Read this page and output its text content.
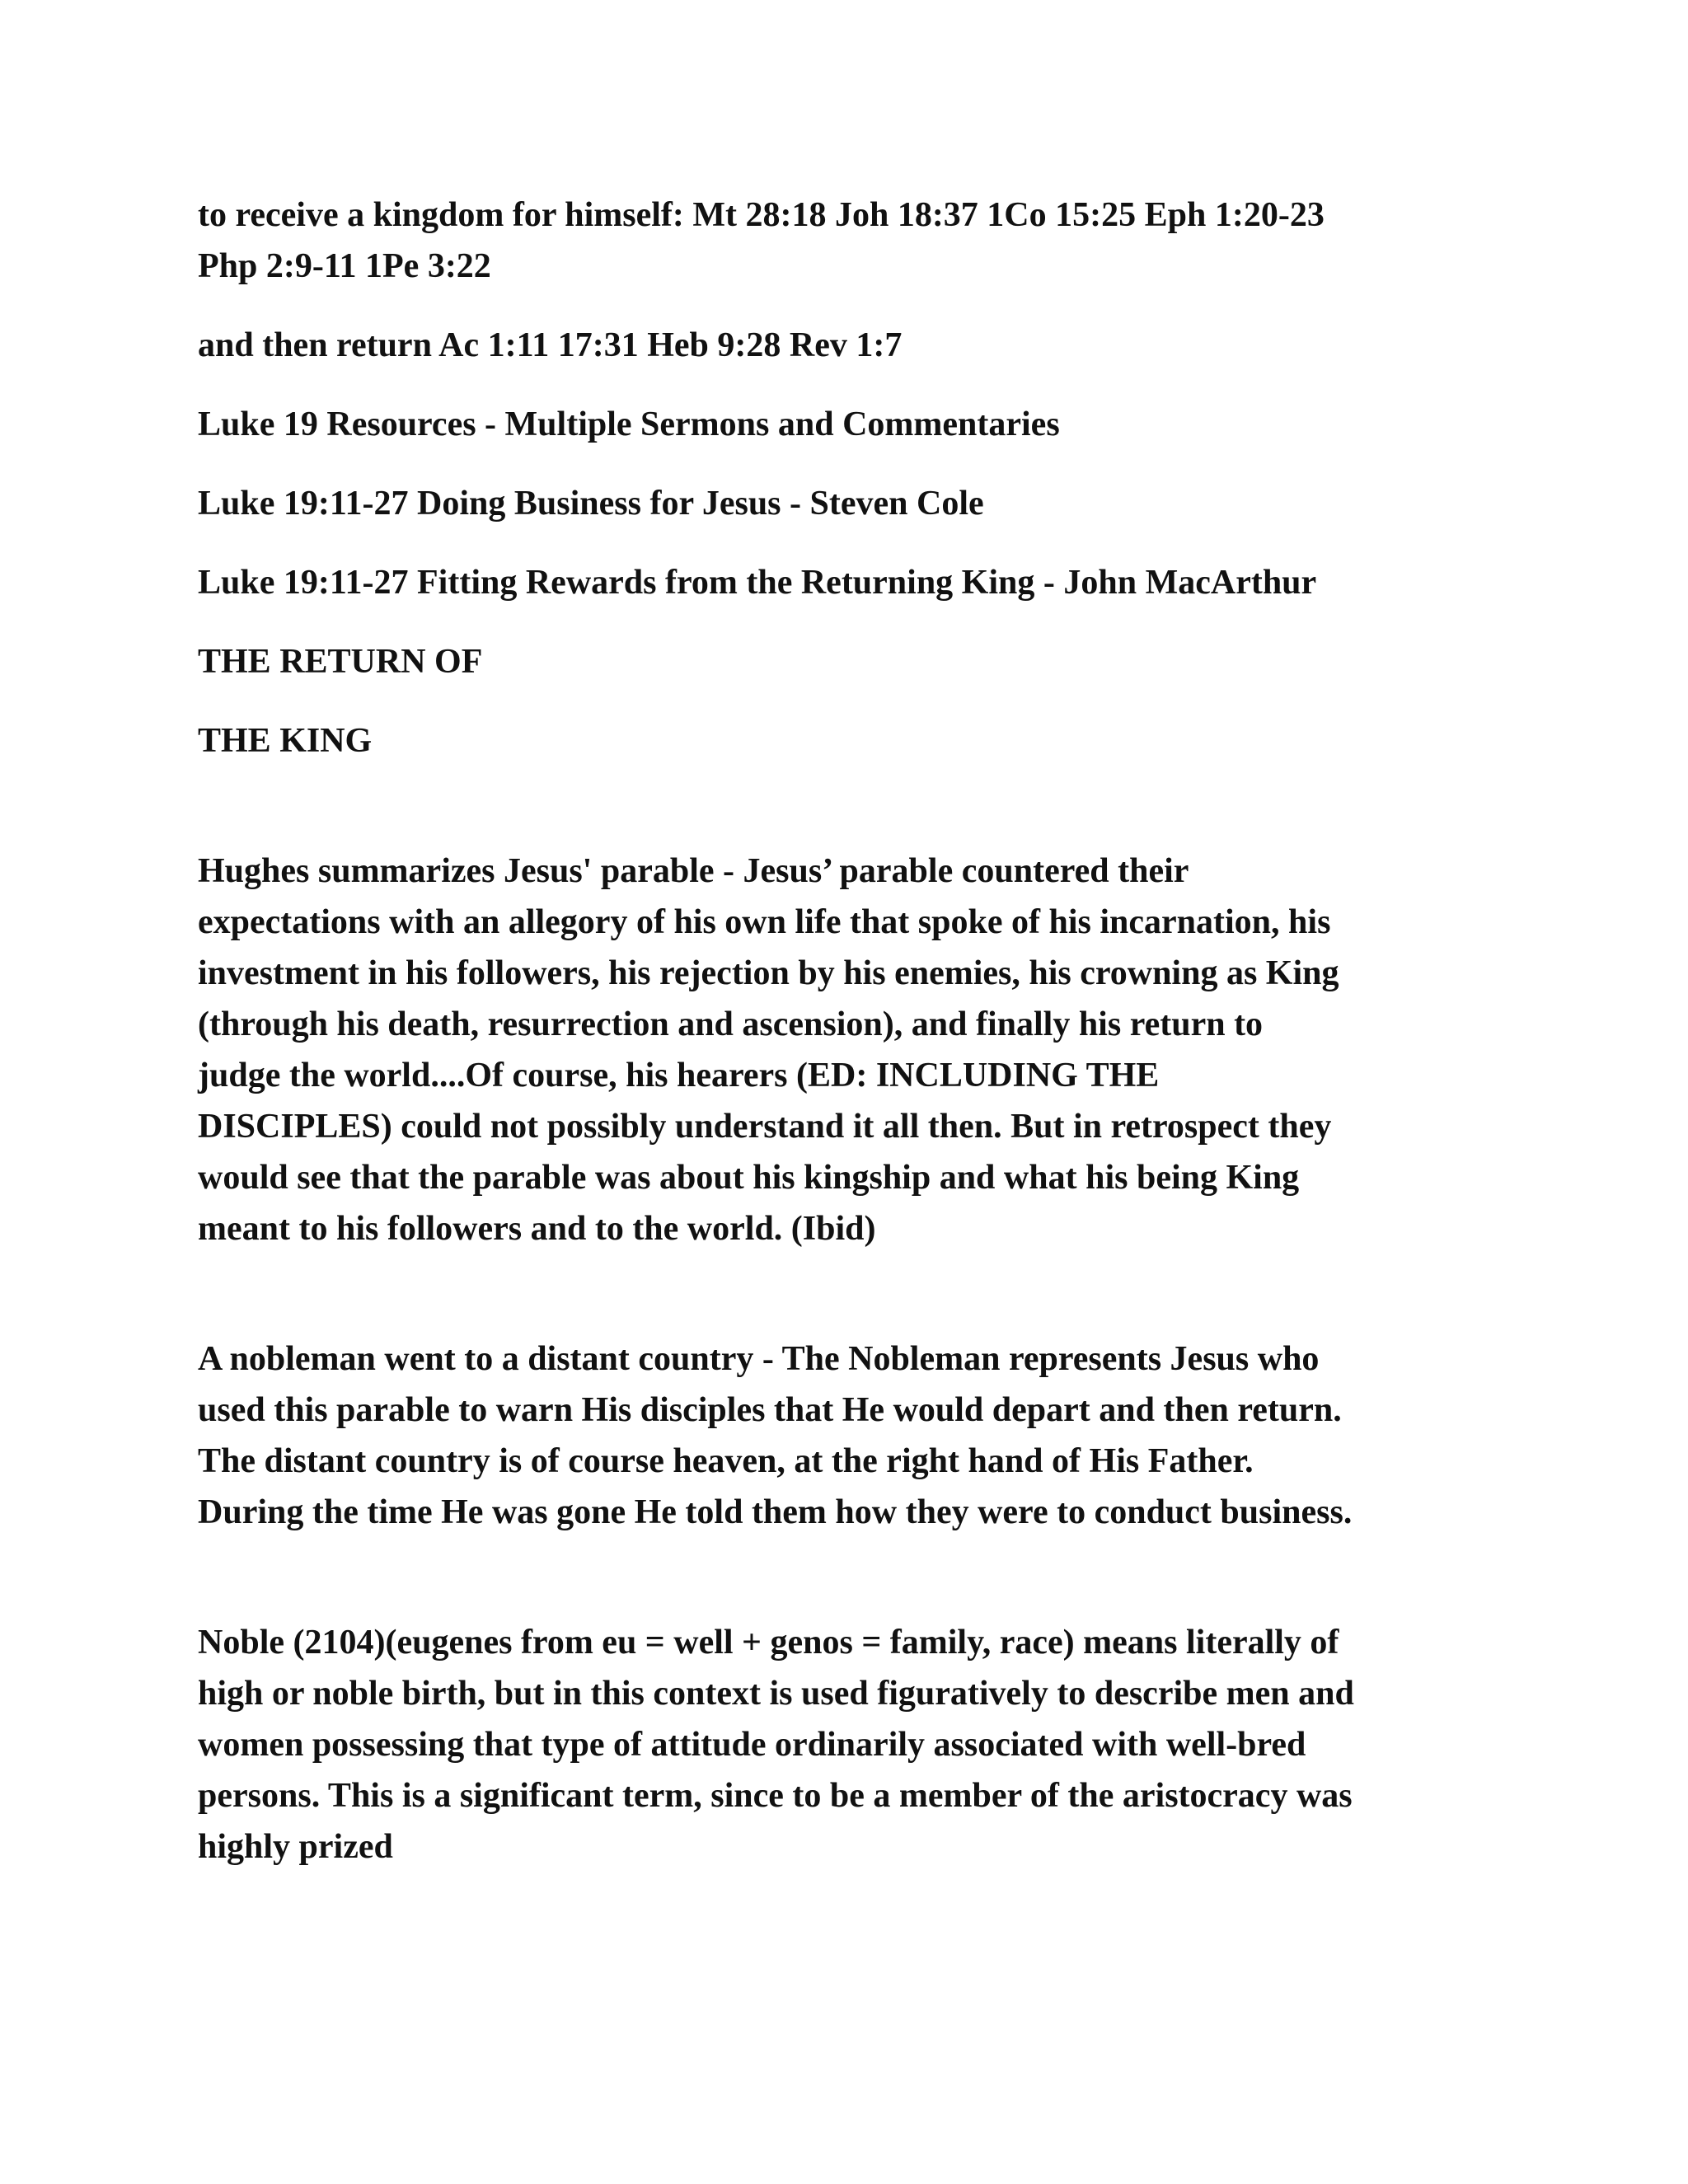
to receive a kingdom for himself: Mt 28:18 Joh 18:37 1Co 15:25 Eph 1:20-23
Php 2:9-11 1Pe 3:22

and then return Ac 1:11 17:31 Heb 9:28 Rev 1:7

Luke 19 Resources - Multiple Sermons and Commentaries

Luke 19:11-27 Doing Business for Jesus - Steven Cole

Luke 19:11-27 Fitting Rewards from the Returning King - John MacArthur

THE RETURN OF

THE KING

Hughes summarizes Jesus' parable - Jesus’ parable countered their
expectations with an allegory of his own life that spoke of his incarnation, his
investment in his followers, his rejection by his enemies, his crowning as King
(through his death, resurrection and ascension), and finally his return to
judge the world....Of course, his hearers (ED: INCLUDING THE
DISCIPLES) could not possibly understand it all then. But in retrospect they
would see that the parable was about his kingship and what his being King
meant to his followers and to the world. (Ibid)

A nobleman went to a distant country - The Nobleman represents Jesus who
used this parable to warn His disciples that He would depart and then return.
The distant country is of course heaven, at the right hand of His Father.
During the time He was gone He told them how they were to conduct business.

Noble (2104)(eugenes from eu = well + genos = family, race) means literally of
high or noble birth, but in this context is used figuratively to describe men and
women possessing that type of attitude ordinarily associated with well-bred
persons. This is a significant term, since to be a member of the aristocracy was
highly prized
